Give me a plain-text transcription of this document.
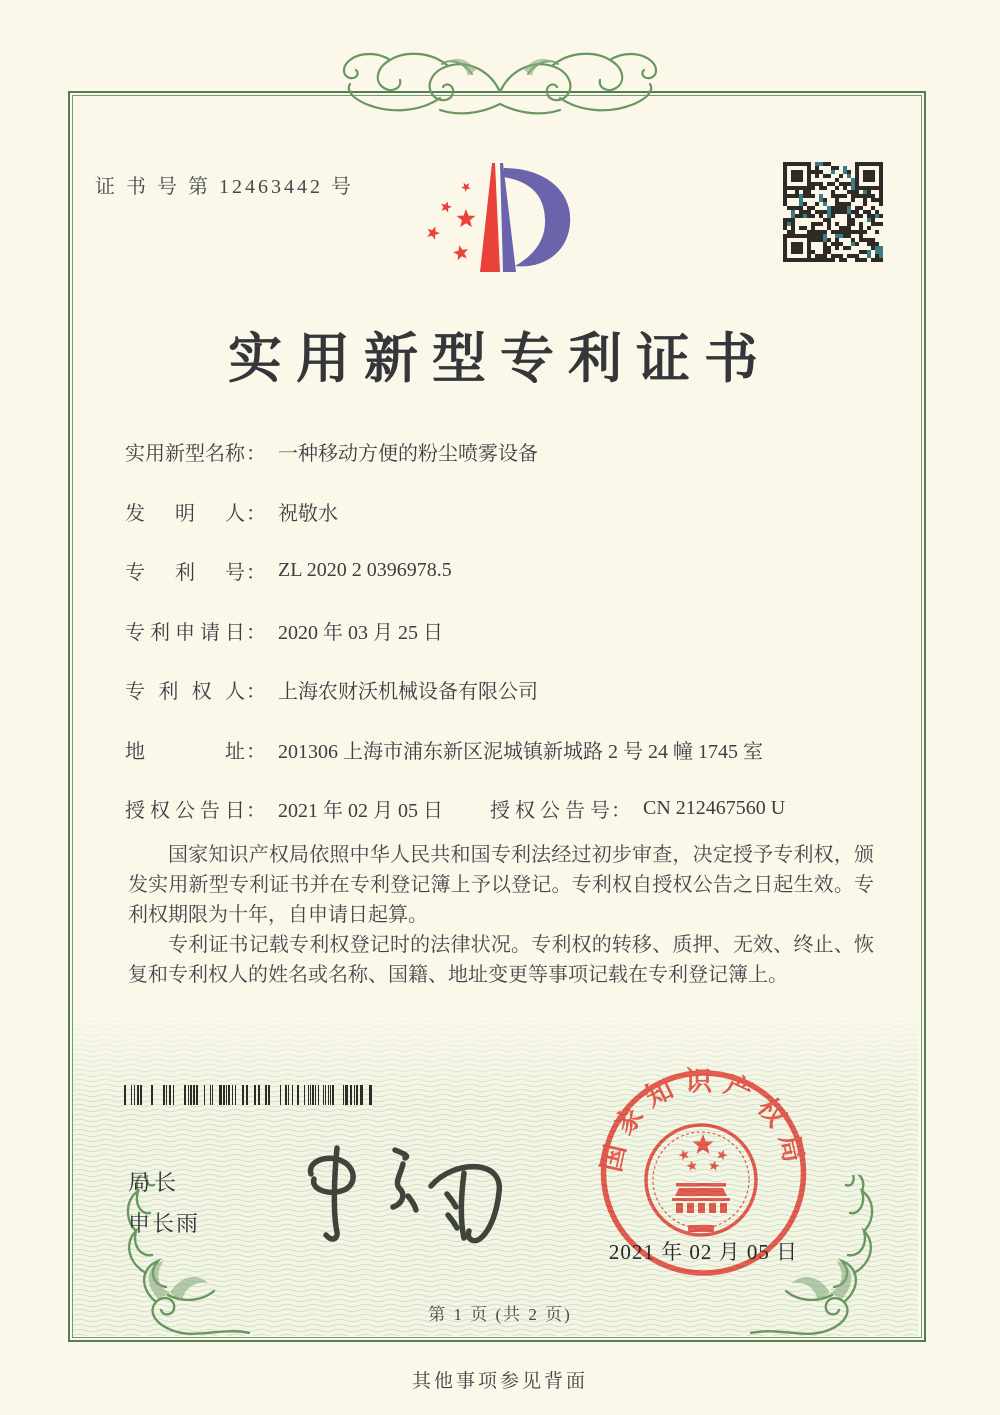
证 书 号 第 12463442 号
实用新型专利证书
实用新型名称 ： 一种移动方便的粉尘喷雾设备
发明人 ： 祝敬水
专利号 ： ZL 2020 2 0396978.5
专利申请日 ： 2020 年 03 月 25 日
专利权人 ： 上海农财沃机械设备有限公司
地址 ： 201306 上海市浦东新区泥城镇新城路 2 号 24 幢 1745 室
授权公告日 ： 2021 年 02 月 05 日 授权公告号 ： CN 212467560 U

国家知识产权局依照中华人民共和国专利法经过初步审查，决定授予专利权，颁发实用新型专利证书并在专利登记簿上予以登记。专利权自授权公告之日起生效。专利权期限为十年，自申请日起算。

专利证书记载专利权登记时的法律状况。专利权的转移、质押、无效、终止、恢复和专利权人的姓名或名称、国籍、地址变更等事项记载在专利登记簿上。

局长
申长雨
国家知识产权局
2021 年 02 月 05 日
第 1 页 (共 2 页)
其他事项参见背面
